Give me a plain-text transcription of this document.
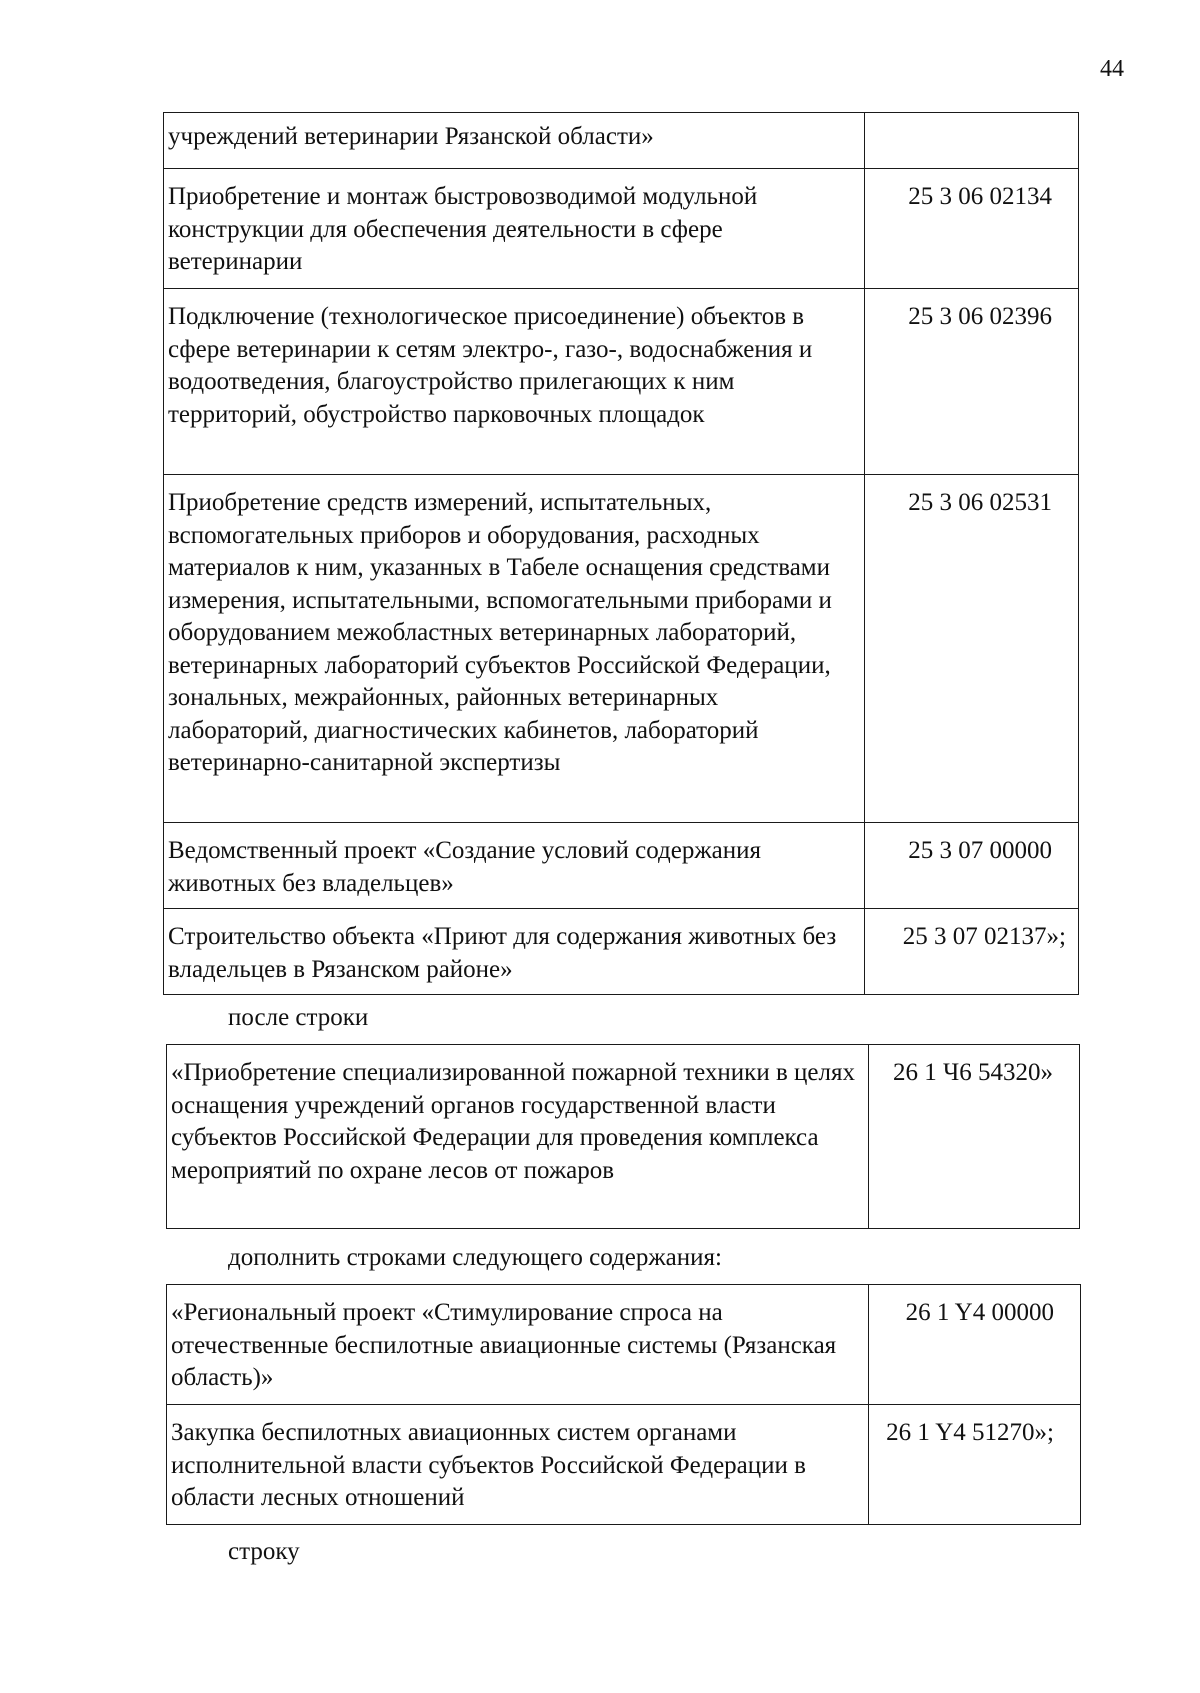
44
учреждений ветеринарии Рязанской области»	
Приобретение и монтаж быстровозводимой модульной конструкции для обеспечения деятельности в сфере ветеринарии	25 3 06 02134
Подключение (технологическое присоединение) объектов в сфере ветеринарии к сетям электро-, газо-, водоснабжения и водоотведения, благоустройство прилегающих к ним территорий, обустройство парковочных площадок	25 3 06 02396
Приобретение средств измерений, испытательных, вспомогательных приборов и оборудования, расходных материалов к ним, указанных в Табеле оснащения средствами измерения, испытательными, вспомогательными приборами и оборудованием межобластных ветеринарных лабораторий, ветеринарных лабораторий субъектов Российской Федерации, зональных, межрайонных, районных ветеринарных лабораторий, диагностических кабинетов, лабораторий ветеринарно-санитарной экспертизы	25 3 06 02531
Ведомственный проект «Создание условий содержания животных без владельцев»	25 3 07 00000
Строительство объекта «Приют для содержания животных без владельцев в Рязанском районе»	25 3 07 02137»;
после строки
«Приобретение специализированной пожарной техники в целях оснащения учреждений органов государственной власти субъектов Российской Федерации для проведения комплекса мероприятий по охране лесов от пожаров	26 1 Ч6 54320»
дополнить строками следующего содержания:
«Региональный проект «Стимулирование спроса на отечественные беспилотные авиационные системы (Рязанская область)»	26 1 Y4 00000
Закупка беспилотных авиационных систем органами исполнительной власти субъектов Российской Федерации в области лесных отношений	26 1 Y4 51270»;
строку
